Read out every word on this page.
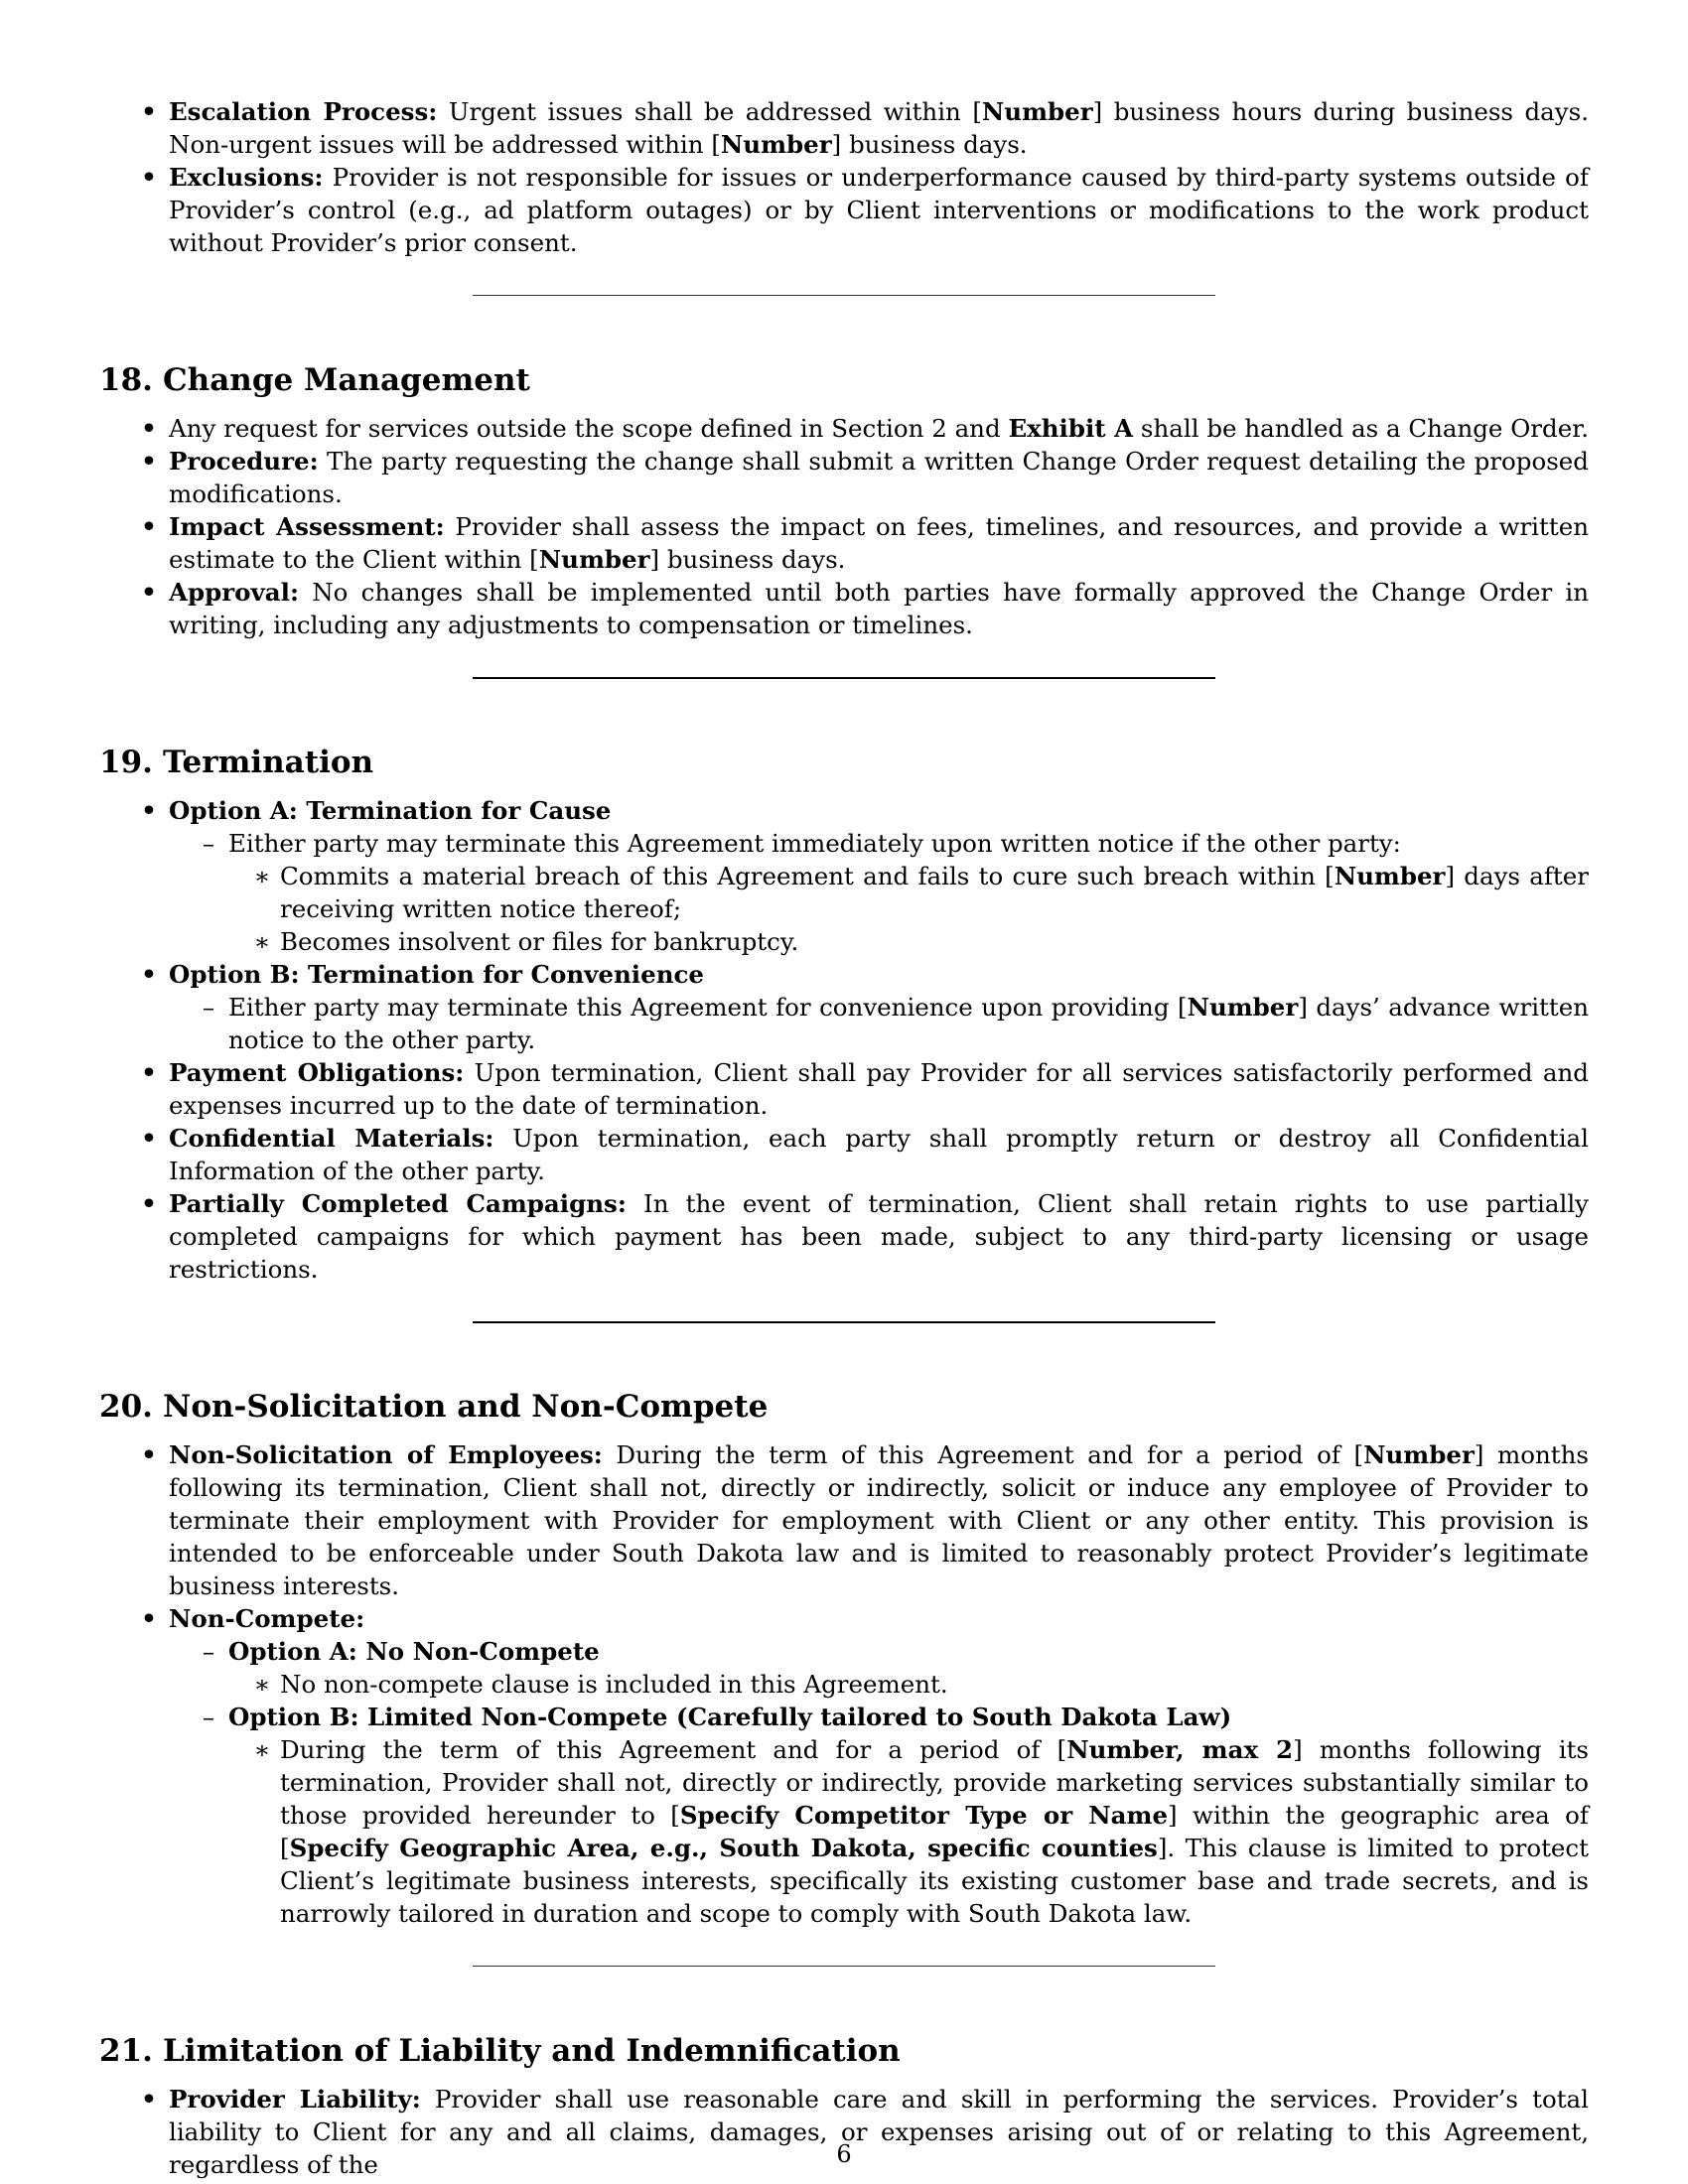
• Escalation Process: Urgent issues shall be addressed within [Number] business hours during business days. Non-urgent issues will be addressed within [Number] business days.
• Exclusions: Provider is not responsible for issues or underperformance caused by third-party systems outside of Provider’s control (e.g., ad platform outages) or by Client interventions or modifications to the work product without Provider’s prior consent.
18. Change Management
• Any request for services outside the scope defined in Section 2 and Exhibit A shall be handled as a Change Order.
• Procedure: The party requesting the change shall submit a written Change Order request detailing the proposed modifications.
• Impact Assessment: Provider shall assess the impact on fees, timelines, and resources, and provide a written estimate to the Client within [Number] business days.
• Approval: No changes shall be implemented until both parties have formally approved the Change Order in writing, including any adjustments to compensation or timelines.
19. Termination
• Option A: Termination for Cause
– Either party may terminate this Agreement immediately upon written notice if the other party:
∗ Commits a material breach of this Agreement and fails to cure such breach within [Number] days after receiving written notice thereof;
∗ Becomes insolvent or files for bankruptcy.
• Option B: Termination for Convenience
– Either party may terminate this Agreement for convenience upon providing [Number] days’ advance written notice to the other party.
• Payment Obligations: Upon termination, Client shall pay Provider for all services satisfactorily performed and expenses incurred up to the date of termination.
• Confidential Materials: Upon termination, each party shall promptly return or destroy all Confidential Information of the other party.
• Partially Completed Campaigns: In the event of termination, Client shall retain rights to use partially completed campaigns for which payment has been made, subject to any third-party licensing or usage restrictions.
20. Non-Solicitation and Non-Compete
• Non-Solicitation of Employees: During the term of this Agreement and for a period of [Number] months following its termination, Client shall not, directly or indirectly, solicit or induce any employee of Provider to terminate their employment with Provider for employment with Client or any other entity. This provision is intended to be enforceable under South Dakota law and is limited to reasonably protect Provider’s legitimate business interests.
• Non-Compete:
– Option A: No Non-Compete
∗ No non-compete clause is included in this Agreement.
– Option B: Limited Non-Compete (Carefully tailored to South Dakota Law)
∗ During the term of this Agreement and for a period of [Number, max 2] months following its termination, Provider shall not, directly or indirectly, provide marketing services substantially similar to those provided hereunder to [Specify Competitor Type or Name] within the geographic area of [Specify Geographic Area, e.g., South Dakota, specific counties]. This clause is limited to protect Client’s legitimate business interests, specifically its existing customer base and trade secrets, and is narrowly tailored in duration and scope to comply with South Dakota law.
21. Limitation of Liability and Indemnification
• Provider Liability: Provider shall use reasonable care and skill in performing the services. Provider’s total liability to Client for any and all claims, damages, or expenses arising out of or relating to this Agreement, regardless of the	6
